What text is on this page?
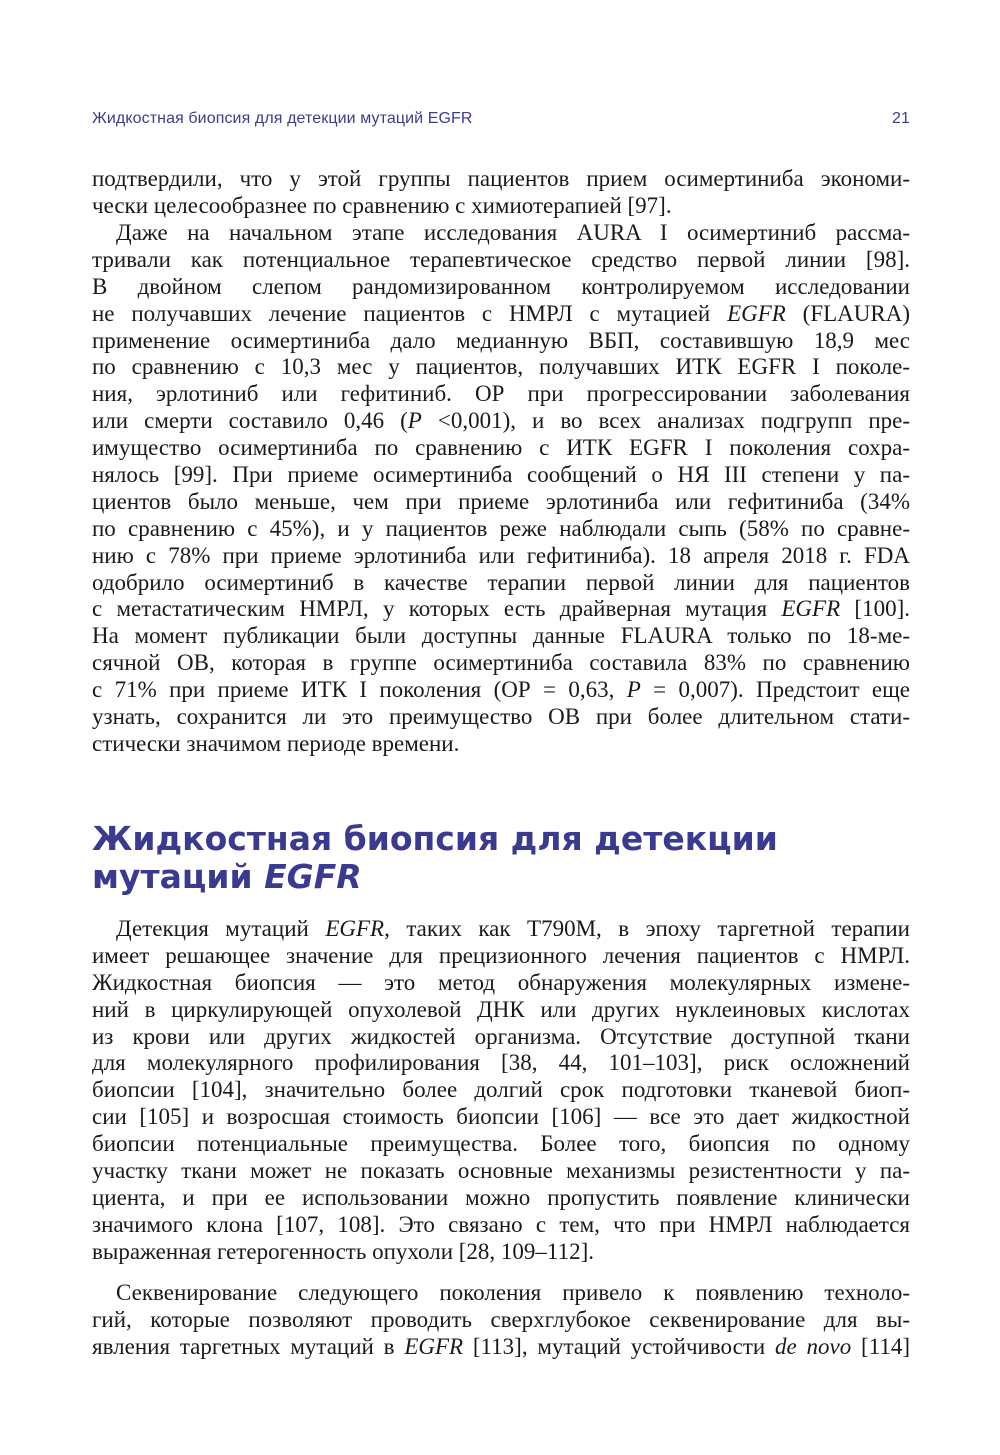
Жидкостная биопсия для детекции мутаций EGFR	21
подтвердили, что у этой группы пациентов прием осимертиниба экономи-
чески целесообразнее по сравнению с химиотерапией [97].
Даже на начальном этапе исследования AURA I осимертиниб рассма-
тривали как потенциальное терапевтическое средство первой линии [98].
В двойном слепом рандомизированном контролируемом исследовании
не получавших лечение пациентов с НМРЛ с мутацией EGFR (FLAURA)
применение осимертиниба дало медианную ВБП, составившую 18,9 мес
по сравнению с 10,3 мес у пациентов, получавших ИТК EGFR I поколе-
ния, эрлотиниб или гефитиниб. ОР при прогрессировании заболевания
или смерти составило 0,46 (P <0,001), и во всех анализах подгрупп пре-
имущество осимертиниба по сравнению с ИТК EGFR I поколения сохра-
нялось [99]. При приеме осимертиниба сообщений о НЯ III степени у па-
циентов было меньше, чем при приеме эрлотиниба или гефитиниба (34%
по сравнению с 45%), и у пациентов реже наблюдали сыпь (58% по сравне-
нию с 78% при приеме эрлотиниба или гефитиниба). 18 апреля 2018 г. FDA
одобрило осимертиниб в качестве терапии первой линии для пациентов
с метастатическим НМРЛ, у которых есть драйверная мутация EGFR [100].
На момент публикации были доступны данные FLAURA только по 18-ме-
сячной ОВ, которая в группе осимертиниба составила 83% по сравнению
с 71% при приеме ИТК I поколения (ОР = 0,63, P = 0,007). Предстоит еще
узнать, сохранится ли это преимущество ОВ при более длительном стати-
стически значимом периоде времени.
Жидкостная биопсия для детекции
мутаций EGFR
Детекция мутаций EGFR, таких как T790M, в эпоху таргетной терапии
имеет решающее значение для прецизионного лечения пациентов с НМРЛ.
Жидкостная биопсия — это метод обнаружения молекулярных измене-
ний в циркулирующей опухолевой ДНК или других нуклеиновых кислотах
из крови или других жидкостей организма. Отсутствие доступной ткани
для молекулярного профилирования [38, 44, 101–103], риск осложнений
биопсии [104], значительно более долгий срок подготовки тканевой биоп-
сии [105] и возросшая стоимость биопсии [106] — все это дает жидкостной
биопсии потенциальные преимущества. Более того, биопсия по одному
участку ткани может не показать основные механизмы резистентности у па-
циента, и при ее использовании можно пропустить появление клинически
значимого клона [107, 108]. Это связано с тем, что при НМРЛ наблюдается
выраженная гетерогенность опухоли [28, 109–112].
Секвенирование следующего поколения привело к появлению техноло-
гий, которые позволяют проводить сверхглубокое секвенирование для вы-
явления таргетных мутаций в EGFR [113], мутаций устойчивости de novo [114]
